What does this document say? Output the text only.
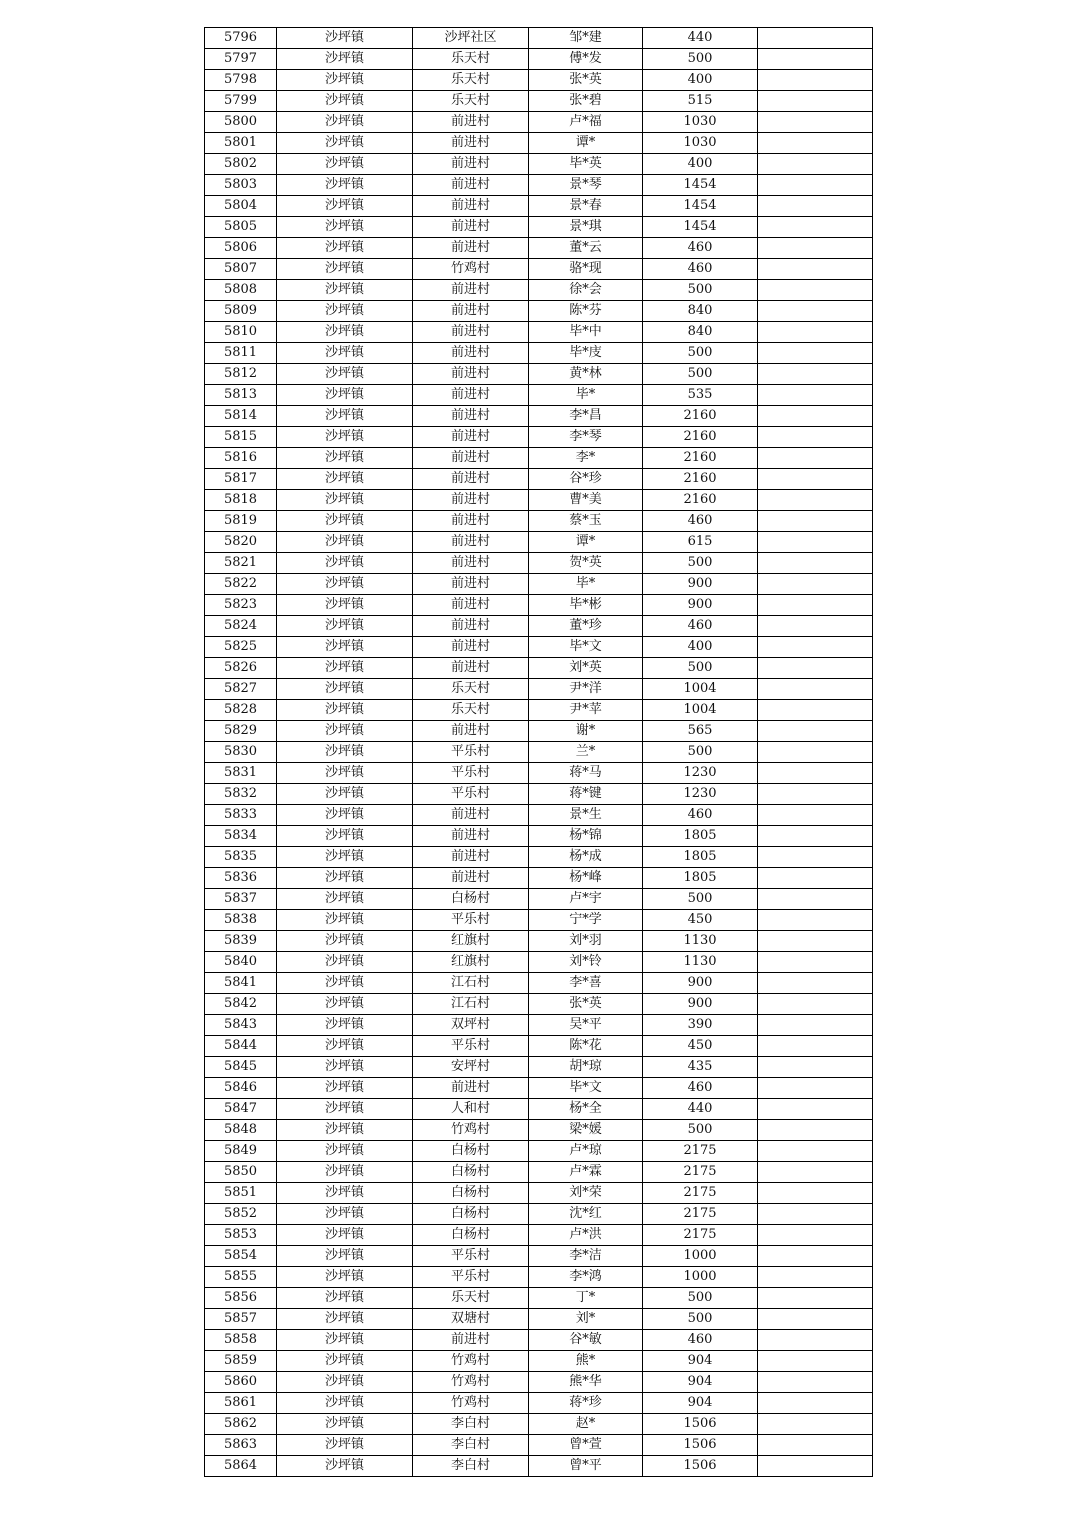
5796	沙坪镇	沙坪社区	邹*建	440	
5797	沙坪镇	乐天村	傅*发	500	
5798	沙坪镇	乐天村	张*英	400	
5799	沙坪镇	乐天村	张*碧	515	
5800	沙坪镇	前进村	卢*福	1030	
5801	沙坪镇	前进村	谭*	1030	
5802	沙坪镇	前进村	毕*英	400	
5803	沙坪镇	前进村	景*琴	1454	
5804	沙坪镇	前进村	景*春	1454	
5805	沙坪镇	前进村	景*琪	1454	
5806	沙坪镇	前进村	董*云	460	
5807	沙坪镇	竹鸡村	骆*现	460	
5808	沙坪镇	前进村	徐*会	500	
5809	沙坪镇	前进村	陈*芬	840	
5810	沙坪镇	前进村	毕*中	840	
5811	沙坪镇	前进村	毕*庋	500	
5812	沙坪镇	前进村	黄*林	500	
5813	沙坪镇	前进村	毕*	535	
5814	沙坪镇	前进村	李*昌	2160	
5815	沙坪镇	前进村	李*琴	2160	
5816	沙坪镇	前进村	李*	2160	
5817	沙坪镇	前进村	谷*珍	2160	
5818	沙坪镇	前进村	曹*美	2160	
5819	沙坪镇	前进村	蔡*玉	460	
5820	沙坪镇	前进村	谭*	615	
5821	沙坪镇	前进村	贺*英	500	
5822	沙坪镇	前进村	毕*	900	
5823	沙坪镇	前进村	毕*彬	900	
5824	沙坪镇	前进村	董*珍	460	
5825	沙坪镇	前进村	毕*文	400	
5826	沙坪镇	前进村	刘*英	500	
5827	沙坪镇	乐天村	尹*洋	1004	
5828	沙坪镇	乐天村	尹*苹	1004	
5829	沙坪镇	前进村	谢*	565	
5830	沙坪镇	平乐村	兰*	500	
5831	沙坪镇	平乐村	蒋*马	1230	
5832	沙坪镇	平乐村	蒋*键	1230	
5833	沙坪镇	前进村	景*生	460	
5834	沙坪镇	前进村	杨*锦	1805	
5835	沙坪镇	前进村	杨*成	1805	
5836	沙坪镇	前进村	杨*峰	1805	
5837	沙坪镇	白杨村	卢*宇	500	
5838	沙坪镇	平乐村	宁*学	450	
5839	沙坪镇	红旗村	刘*羽	1130	
5840	沙坪镇	红旗村	刘*铃	1130	
5841	沙坪镇	江石村	李*喜	900	
5842	沙坪镇	江石村	张*英	900	
5843	沙坪镇	双坪村	吴*平	390	
5844	沙坪镇	平乐村	陈*花	450	
5845	沙坪镇	安坪村	胡*琼	435	
5846	沙坪镇	前进村	毕*文	460	
5847	沙坪镇	人和村	杨*全	440	
5848	沙坪镇	竹鸡村	梁*媛	500	
5849	沙坪镇	白杨村	卢*琼	2175	
5850	沙坪镇	白杨村	卢*霖	2175	
5851	沙坪镇	白杨村	刘*荣	2175	
5852	沙坪镇	白杨村	沈*红	2175	
5853	沙坪镇	白杨村	卢*洪	2175	
5854	沙坪镇	平乐村	李*洁	1000	
5855	沙坪镇	平乐村	李*鸿	1000	
5856	沙坪镇	乐天村	丁*	500	
5857	沙坪镇	双塘村	刘*	500	
5858	沙坪镇	前进村	谷*敏	460	
5859	沙坪镇	竹鸡村	熊*	904	
5860	沙坪镇	竹鸡村	熊*华	904	
5861	沙坪镇	竹鸡村	蒋*珍	904	
5862	沙坪镇	李白村	赵*	1506	
5863	沙坪镇	李白村	曾*萱	1506	
5864	沙坪镇	李白村	曾*平	1506	
